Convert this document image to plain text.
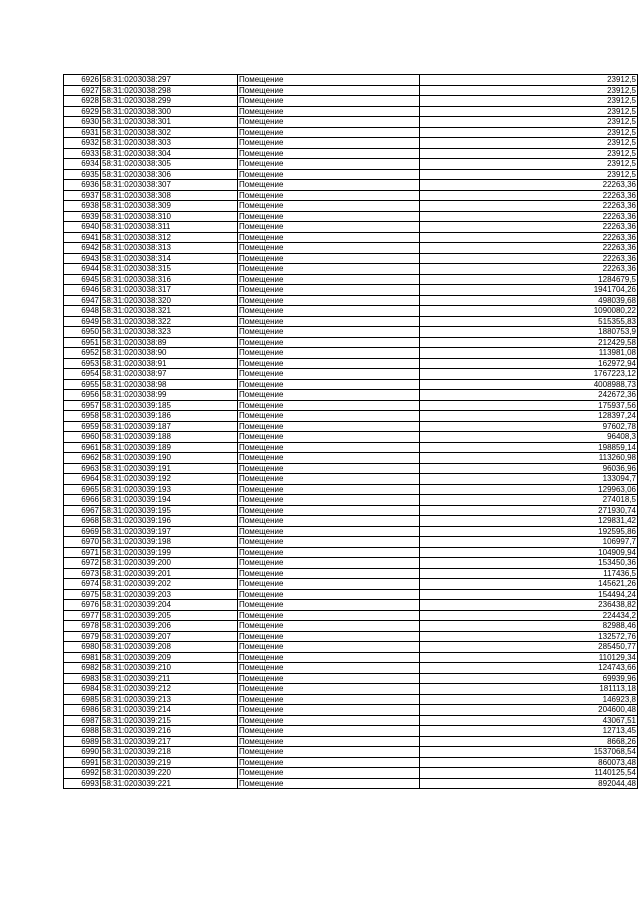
6926	58:31:0203038:297	Помещение	23912,5
6927	58:31:0203038:298	Помещение	23912,5
6928	58:31:0203038:299	Помещение	23912,5
6929	58:31:0203038:300	Помещение	23912,5
6930	58:31:0203038:301	Помещение	23912,5
6931	58:31:0203038:302	Помещение	23912,5
6932	58:31:0203038:303	Помещение	23912,5
6933	58:31:0203038:304	Помещение	23912,5
6934	58:31:0203038:305	Помещение	23912,5
6935	58:31:0203038:306	Помещение	23912,5
6936	58:31:0203038:307	Помещение	22263,36
6937	58:31:0203038:308	Помещение	22263,36
6938	58:31:0203038:309	Помещение	22263,36
6939	58:31:0203038:310	Помещение	22263,36
6940	58:31:0203038:311	Помещение	22263,36
6941	58:31:0203038:312	Помещение	22263,36
6942	58:31:0203038:313	Помещение	22263,36
6943	58:31:0203038:314	Помещение	22263,36
6944	58:31:0203038:315	Помещение	22263,36
6945	58:31:0203038:316	Помещение	1284679,5
6946	58:31:0203038:317	Помещение	1941704,26
6947	58:31:0203038:320	Помещение	498039,68
6948	58:31:0203038:321	Помещение	1090080,22
6949	58:31:0203038:322	Помещение	515355,83
6950	58:31:0203038:323	Помещение	1880753,9
6951	58:31:0203038:89	Помещение	212429,58
6952	58:31:0203038:90	Помещение	113981,08
6953	58:31:0203038:91	Помещение	162972,94
6954	58:31:0203038:97	Помещение	1767223,12
6955	58:31:0203038:98	Помещение	4008988,73
6956	58:31:0203038:99	Помещение	242672,36
6957	58:31:0203039:185	Помещение	175937,56
6958	58:31:0203039:186	Помещение	128397,24
6959	58:31:0203039:187	Помещение	97602,78
6960	58:31:0203039:188	Помещение	96408,3
6961	58:31:0203039:189	Помещение	198859,14
6962	58:31:0203039:190	Помещение	113260,98
6963	58:31:0203039:191	Помещение	96036,96
6964	58:31:0203039:192	Помещение	133094,7
6965	58:31:0203039:193	Помещение	129963,06
6966	58:31:0203039:194	Помещение	274018,5
6967	58:31:0203039:195	Помещение	271930,74
6968	58:31:0203039:196	Помещение	129831,42
6969	58:31:0203039:197	Помещение	192595,86
6970	58:31:0203039:198	Помещение	106997,7
6971	58:31:0203039:199	Помещение	104909,94
6972	58:31:0203039:200	Помещение	153450,36
6973	58:31:0203039:201	Помещение	117436,5
6974	58:31:0203039:202	Помещение	145621,26
6975	58:31:0203039:203	Помещение	154494,24
6976	58:31:0203039:204	Помещение	236438,82
6977	58:31:0203039:205	Помещение	224434,2
6978	58:31:0203039:206	Помещение	82988,46
6979	58:31:0203039:207	Помещение	132572,76
6980	58:31:0203039:208	Помещение	285450,77
6981	58:31:0203039:209	Помещение	110129,34
6982	58:31:0203039:210	Помещение	124743,66
6983	58:31:0203039:211	Помещение	69939,96
6984	58:31:0203039:212	Помещение	181113,18
6985	58:31:0203039:213	Помещение	146923,8
6986	58:31:0203039:214	Помещение	204600,48
6987	58:31:0203039:215	Помещение	43067,51
6988	58:31:0203039:216	Помещение	12713,45
6989	58:31:0203039:217	Помещение	8668,26
6990	58:31:0203039:218	Помещение	1537068,54
6991	58:31:0203039:219	Помещение	860073,48
6992	58:31:0203039:220	Помещение	1140125,54
6993	58:31:0203039:221	Помещение	892044,48
